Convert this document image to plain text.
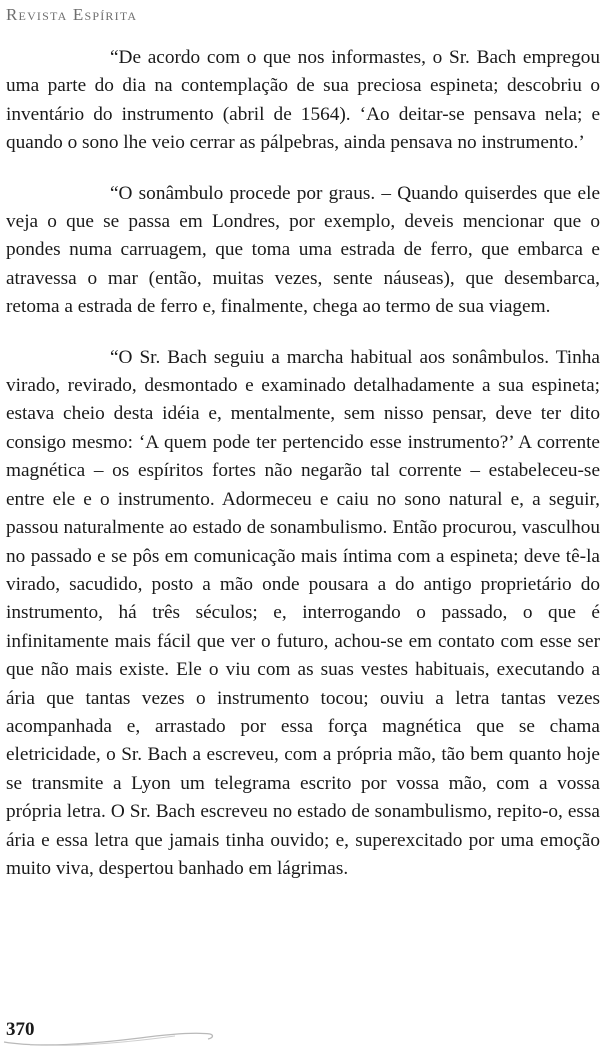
Revista Espírita

“De acordo com o que nos informastes, o Sr. Bach empregou uma parte do dia na contemplação de sua preciosa espineta; descobriu o inventário do instrumento (abril de 1564). ‘Ao deitar-se pensava nela; e quando o sono lhe veio cerrar as pálpebras, ainda pensava no instrumento.’

“O sonâmbulo procede por graus. – Quando quiserdes que ele veja o que se passa em Londres, por exemplo, deveis mencionar que o pondes numa carruagem, que toma uma estrada de ferro, que embarca e atravessa o mar (então, muitas vezes, sente náuseas), que desembarca, retoma a estrada de ferro e, finalmente, chega ao termo de sua viagem.

“O Sr. Bach seguiu a marcha habitual aos sonâmbulos. Tinha virado, revirado, desmontado e examinado detalhadamente a sua espineta; estava cheio desta idéia e, mentalmente, sem nisso pensar, deve ter dito consigo mesmo: ‘A quem pode ter pertencido esse instrumento?’ A corrente magnética – os espíritos fortes não negarão tal corrente – estabeleceu-se entre ele e o instrumento. Adormeceu e caiu no sono natural e, a seguir, passou naturalmente ao estado de sonambulismo. Então procurou, vasculhou no passado e se pôs em comunicação mais íntima com a espineta; deve tê-la virado, sacudido, posto a mão onde pousara a do antigo proprietário do instrumento, há três séculos; e, interrogando o passado, o que é infinitamente mais fácil que ver o futuro, achou-se em contato com esse ser que não mais existe. Ele o viu com as suas vestes habituais, executando a ária que tantas vezes o instrumento tocou; ouviu a letra tantas vezes acompanhada e, arrastado por essa força magnética que se chama eletricidade, o Sr. Bach a escreveu, com a própria mão, tão bem quanto hoje se transmite a Lyon um telegrama escrito por vossa mão, com a vossa própria letra. O Sr. Bach escreveu no estado de sonambulismo, repito-o, essa ária e essa letra que jamais tinha ouvido; e, superexcitado por uma emoção muito viva, despertou banhado em lágrimas.

370
